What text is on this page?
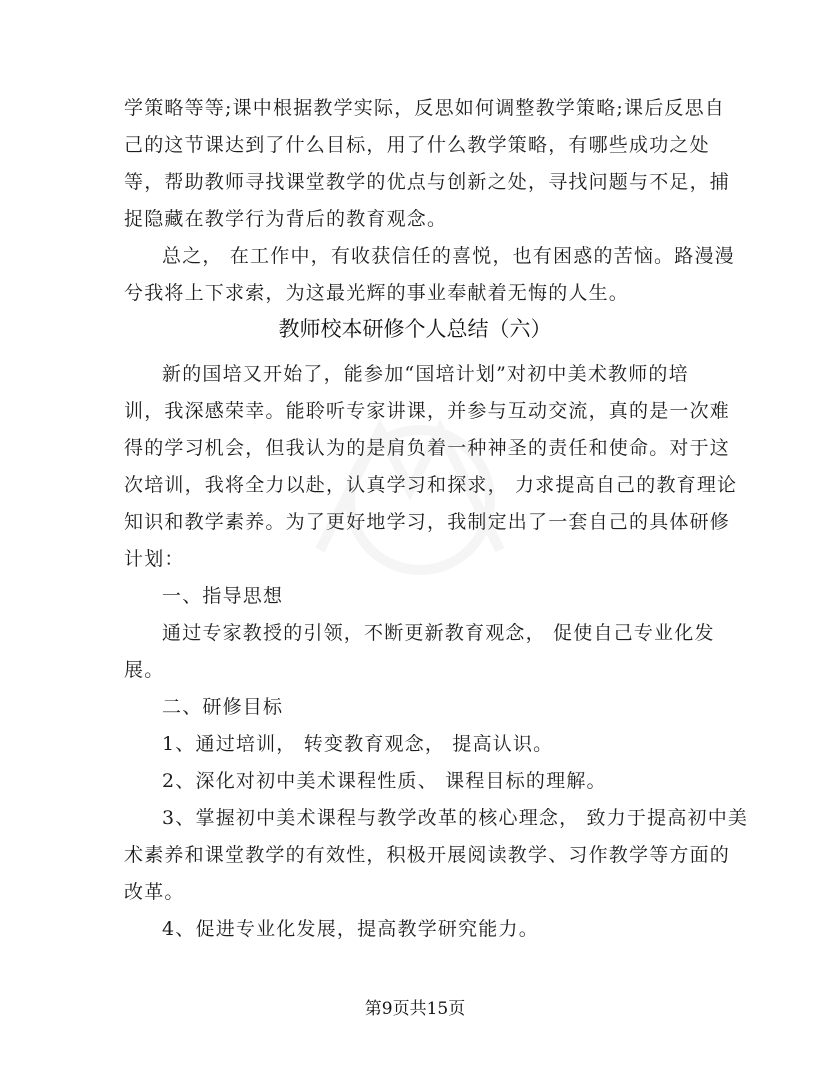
学策略等等;课中根据教学实际，反思如何调整教学策略;课后反思自
己的这节课达到了什么目标，用了什么教学策略，有哪些成功之处
等，帮助教师寻找课堂教学的优点与创新之处，寻找问题与不足，捕
捉隐藏在教学行为背后的教育观念。
总之， 在工作中，有收获信任的喜悦，也有困惑的苦恼。路漫漫
兮我将上下求索，为这最光辉的事业奉献着无悔的人生。
教师校本研修个人总结（六）
新的国培又开始了，能参加“国培计划”对初中美术教师的培
训，我深感荣幸。能聆听专家讲课，并参与互动交流，真的是一次难
得的学习机会，但我认为的是肩负着一种神圣的责任和使命。对于这
次培训，我将全力以赴，认真学习和探求， 力求提高自己的教育理论
知识和教学素养。为了更好地学习，我制定出了一套自己的具体研修
计划：
一、指导思想
通过专家教授的引领，不断更新教育观念， 促使自己专业化发
展。
二、研修目标
1、通过培训， 转变教育观念， 提高认识。
2、深化对初中美术课程性质、 课程目标的理解。
3、掌握初中美术课程与教学改革的核心理念， 致力于提高初中美
术素养和课堂教学的有效性，积极开展阅读教学、习作教学等方面的
改革。
4、促进专业化发展，提高教学研究能力。
第9页共15页
